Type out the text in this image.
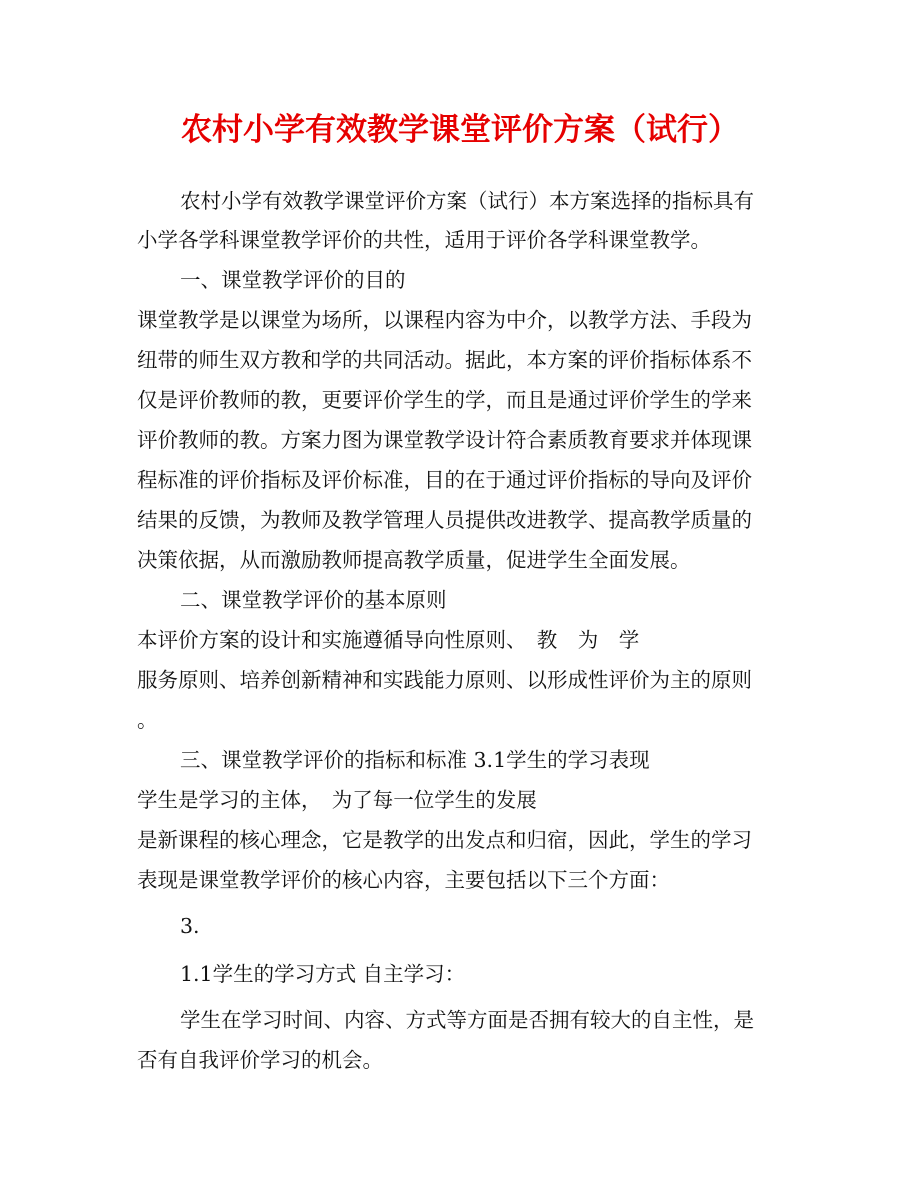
农村小学有效教学课堂评价方案（试行）
农村小学有效教学课堂评价方案（试行）本方案选择的指标具有
小学各学科课堂教学评价的共性，适用于评价各学科课堂教学。
一、课堂教学评价的目的
课堂教学是以课堂为场所，以课程内容为中介，以教学方法、手段为
纽带的师生双方教和学的共同活动。据此，本方案的评价指标体系不
仅是评价教师的教，更要评价学生的学，而且是通过评价学生的学来
评价教师的教。方案力图为课堂教学设计符合素质教育要求并体现课
程标准的评价指标及评价标准，目的在于通过评价指标的导向及评价
结果的反馈，为教师及教学管理人员提供改进教学、提高教学质量的
决策依据，从而激励教师提高教学质量，促进学生全面发展。
二、课堂教学评价的基本原则
本评价方案的设计和实施遵循导向性原则、　教　为　学
服务原则、培养创新精神和实践能力原则、以形成性评价为主的原则
。
三、课堂教学评价的指标和标准 3.1学生的学习表现
学生是学习的主体，　为了每一位学生的发展
是新课程的核心理念，它是教学的出发点和归宿，因此，学生的学习
表现是课堂教学评价的核心内容，主要包括以下三个方面：
3.
1.1学生的学习方式 自主学习：
学生在学习时间、内容、方式等方面是否拥有较大的自主性，是
否有自我评价学习的机会。
